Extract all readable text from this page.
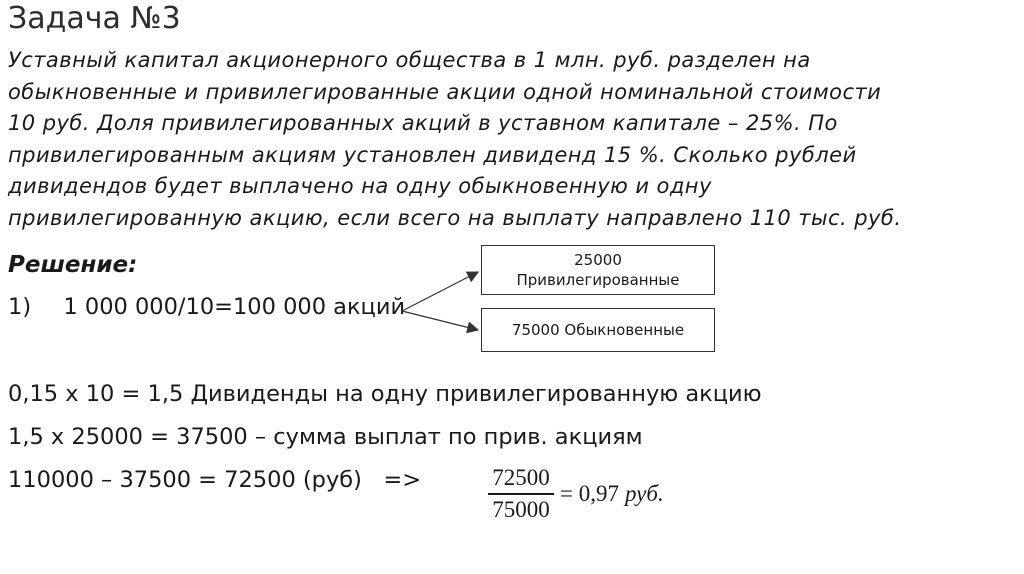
Задача №3
Уставный капитал акционерного общества в 1 млн. руб. разделен на
обыкновенные и привилегированные акции одной номинальной стоимости
10 руб. Доля привилегированных акций в уставном капитале – 25%. По
привилегированным акциям установлен дивиденд 15 %. Сколько рублей
дивидендов будет выплачено на одну обыкновенную и одну
привилегированную акцию, если всего на выплату направлено 110 тыс. руб.
Решение:
1) 1 000 000/10=100 000 акций
25000
Привилегированные
75000 Обыкновенные
0,15 х 10 = 1,5 Дивиденды на одну привилегированную акцию
1,5 х 25000 = 37500 – сумма выплат по прив. акциям
110000 – 37500 = 72500 (руб)   =>	$\frac{72500}{75000} = 0,97$ руб.
